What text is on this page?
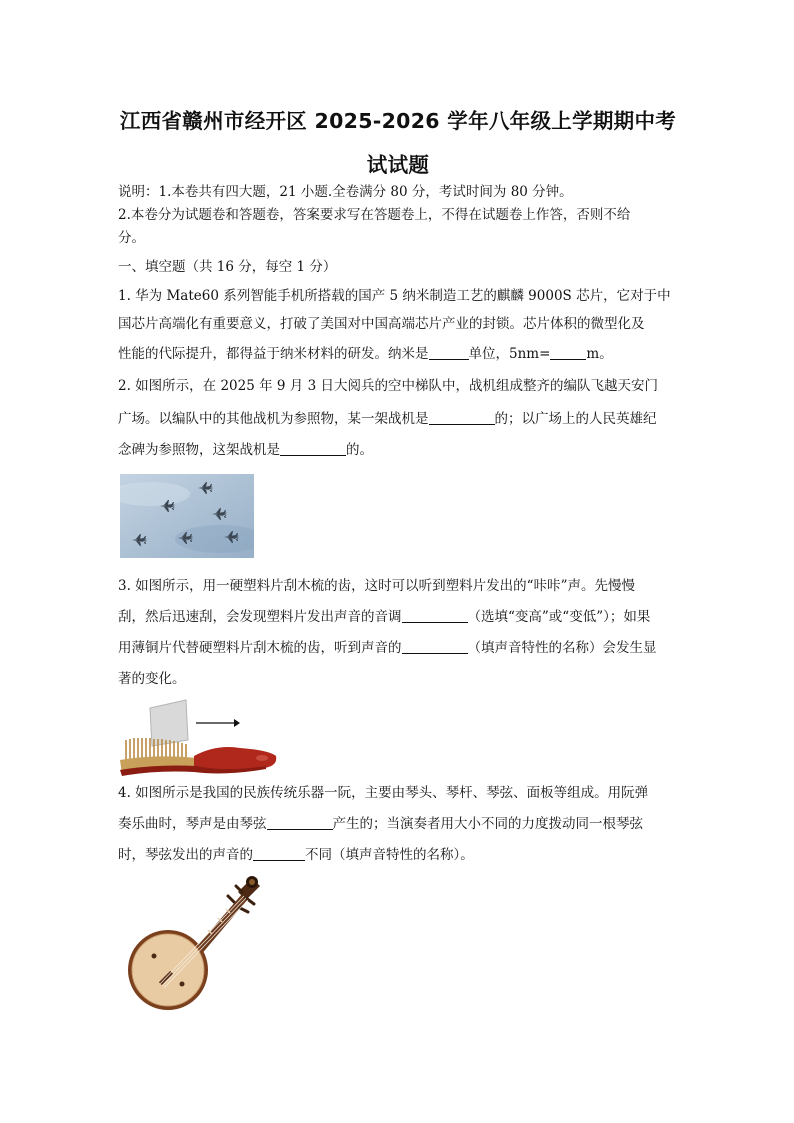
江西省赣州市经开区 2025-2026 学年八年级上学期期中考
试试题

说明：1.本卷共有四大题，21 小题.全卷满分 80 分，考试时间为 80 分钟。

2.本卷分为试题卷和答题卷，答案要求写在答题卷上，不得在试题卷上作答，否则不给

分。

一、填空题（共 16 分，每空 1 分）

1. 华为 Mate60 系列智能手机所搭载的国产 5 纳米制造工艺的麒麟 9000S 芯片，它对于中

国芯片高端化有重要意义，打破了美国对中国高端芯片产业的封锁。芯片体积的微型化及

性能的代际提升，都得益于纳米材料的研发。纳米是	单位，5nm=	m。

2. 如图所示，在 2025 年 9 月 3 日大阅兵的空中梯队中，战机组成整齐的编队飞越天安门

广场。以编队中的其他战机为参照物，某一架战机是	的；以广场上的人民英雄纪

念碑为参照物，这架战机是	的。

3. 如图所示，用一硬塑料片刮木梳的齿，这时可以听到塑料片发出的“咔咔”声。先慢慢

刮，然后迅速刮，会发现塑料片发出声音的音调	（选填“变高”或“变低”）；如果

用薄铜片代替硬塑料片刮木梳的齿，听到声音的	（填声音特性的名称）会发生显

著的变化。

4. 如图所示是我国的民族传统乐器一阮，主要由琴头、琴杆、琴弦、面板等组成。用阮弹

奏乐曲时，琴声是由琴弦	产生的；当演奏者用大小不同的力度拨动同一根琴弦

时，琴弦发出的声音的	不同（填声音特性的名称）。
